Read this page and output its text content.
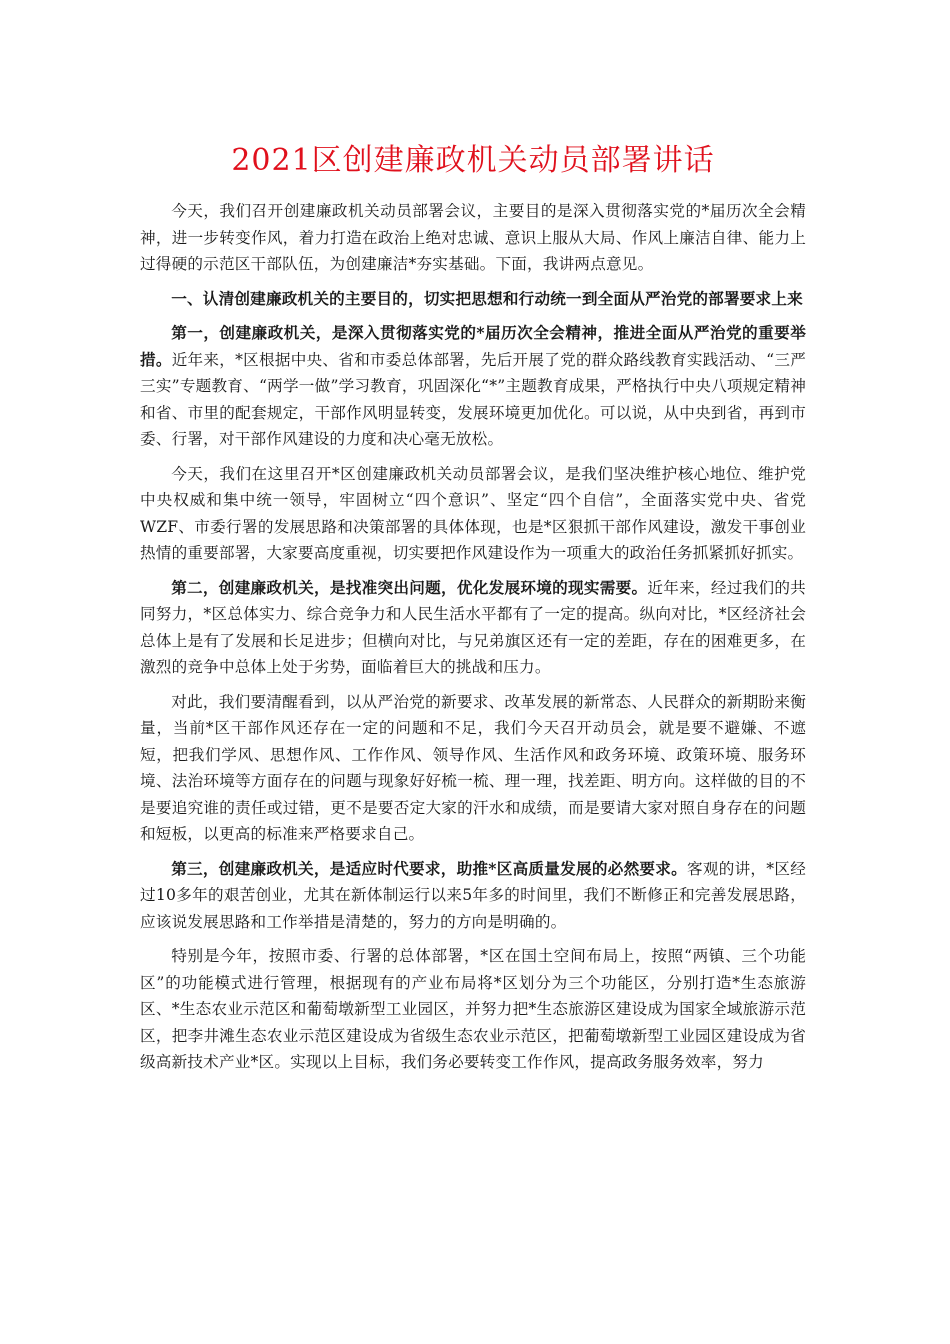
2021区创建廉政机关动员部署讲话

今天，我们召开创建廉政机关动员部署会议，主要目的是深入贯彻落实党的*届历次全会精神，进一步转变作风，着力打造在政治上绝对忠诚、意识上服从大局、作风上廉洁自律、能力上过得硬的示范区干部队伍，为创建廉洁*夯实基础。下面，我讲两点意见。

一、认清创建廉政机关的主要目的，切实把思想和行动统一到全面从严治党的部署要求上来

第一，创建廉政机关，是深入贯彻落实党的*届历次全会精神，推进全面从严治党的重要举措。近年来，*区根据中央、省和市委总体部署，先后开展了党的群众路线教育实践活动、“三严三实”专题教育、“两学一做”学习教育，巩固深化“*”主题教育成果，严格执行中央八项规定精神和省、市里的配套规定，干部作风明显转变，发展环境更加优化。可以说，从中央到省，再到市委、行署，对干部作风建设的力度和决心毫无放松。

今天，我们在这里召开*区创建廉政机关动员部署会议，是我们坚决维护核心地位、维护党中央权威和集中统一领导，牢固树立“四个意识”、坚定“四个自信”，全面落实党中央、省党WZF、市委行署的发展思路和决策部署的具体体现，也是*区狠抓干部作风建设，激发干事创业热情的重要部署，大家要高度重视，切实要把作风建设作为一项重大的政治任务抓紧抓好抓实。

第二，创建廉政机关，是找准突出问题，优化发展环境的现实需要。近年来，经过我们的共同努力，*区总体实力、综合竞争力和人民生活水平都有了一定的提高。纵向对比，*区经济社会总体上是有了发展和长足进步；但横向对比，与兄弟旗区还有一定的差距，存在的困难更多，在激烈的竞争中总体上处于劣势，面临着巨大的挑战和压力。

对此，我们要清醒看到，以从严治党的新要求、改革发展的新常态、人民群众的新期盼来衡量，当前*区干部作风还存在一定的问题和不足，我们今天召开动员会，就是要不避嫌、不遮短，把我们学风、思想作风、工作作风、领导作风、生活作风和政务环境、政策环境、服务环境、法治环境等方面存在的问题与现象好好梳一梳、理一理，找差距、明方向。这样做的目的不是要追究谁的责任或过错，更不是要否定大家的汗水和成绩，而是要请大家对照自身存在的问题和短板，以更高的标准来严格要求自己。

第三，创建廉政机关，是适应时代要求，助推*区高质量发展的必然要求。客观的讲，*区经过10多年的艰苦创业，尤其在新体制运行以来5年多的时间里，我们不断修正和完善发展思路，应该说发展思路和工作举措是清楚的，努力的方向是明确的。

特别是今年，按照市委、行署的总体部署，*区在国土空间布局上，按照“两镇、三个功能区”的功能模式进行管理，根据现有的产业布局将*区划分为三个功能区，分别打造*生态旅游区、*生态农业示范区和葡萄墩新型工业园区，并努力把*生态旅游区建设成为国家全域旅游示范区，把李井滩生态农业示范区建设成为省级生态农业示范区，把葡萄墩新型工业园区建设成为省级高新技术产业*区。实现以上目标，我们务必要转变工作作风，提高政务服务效率，努力
